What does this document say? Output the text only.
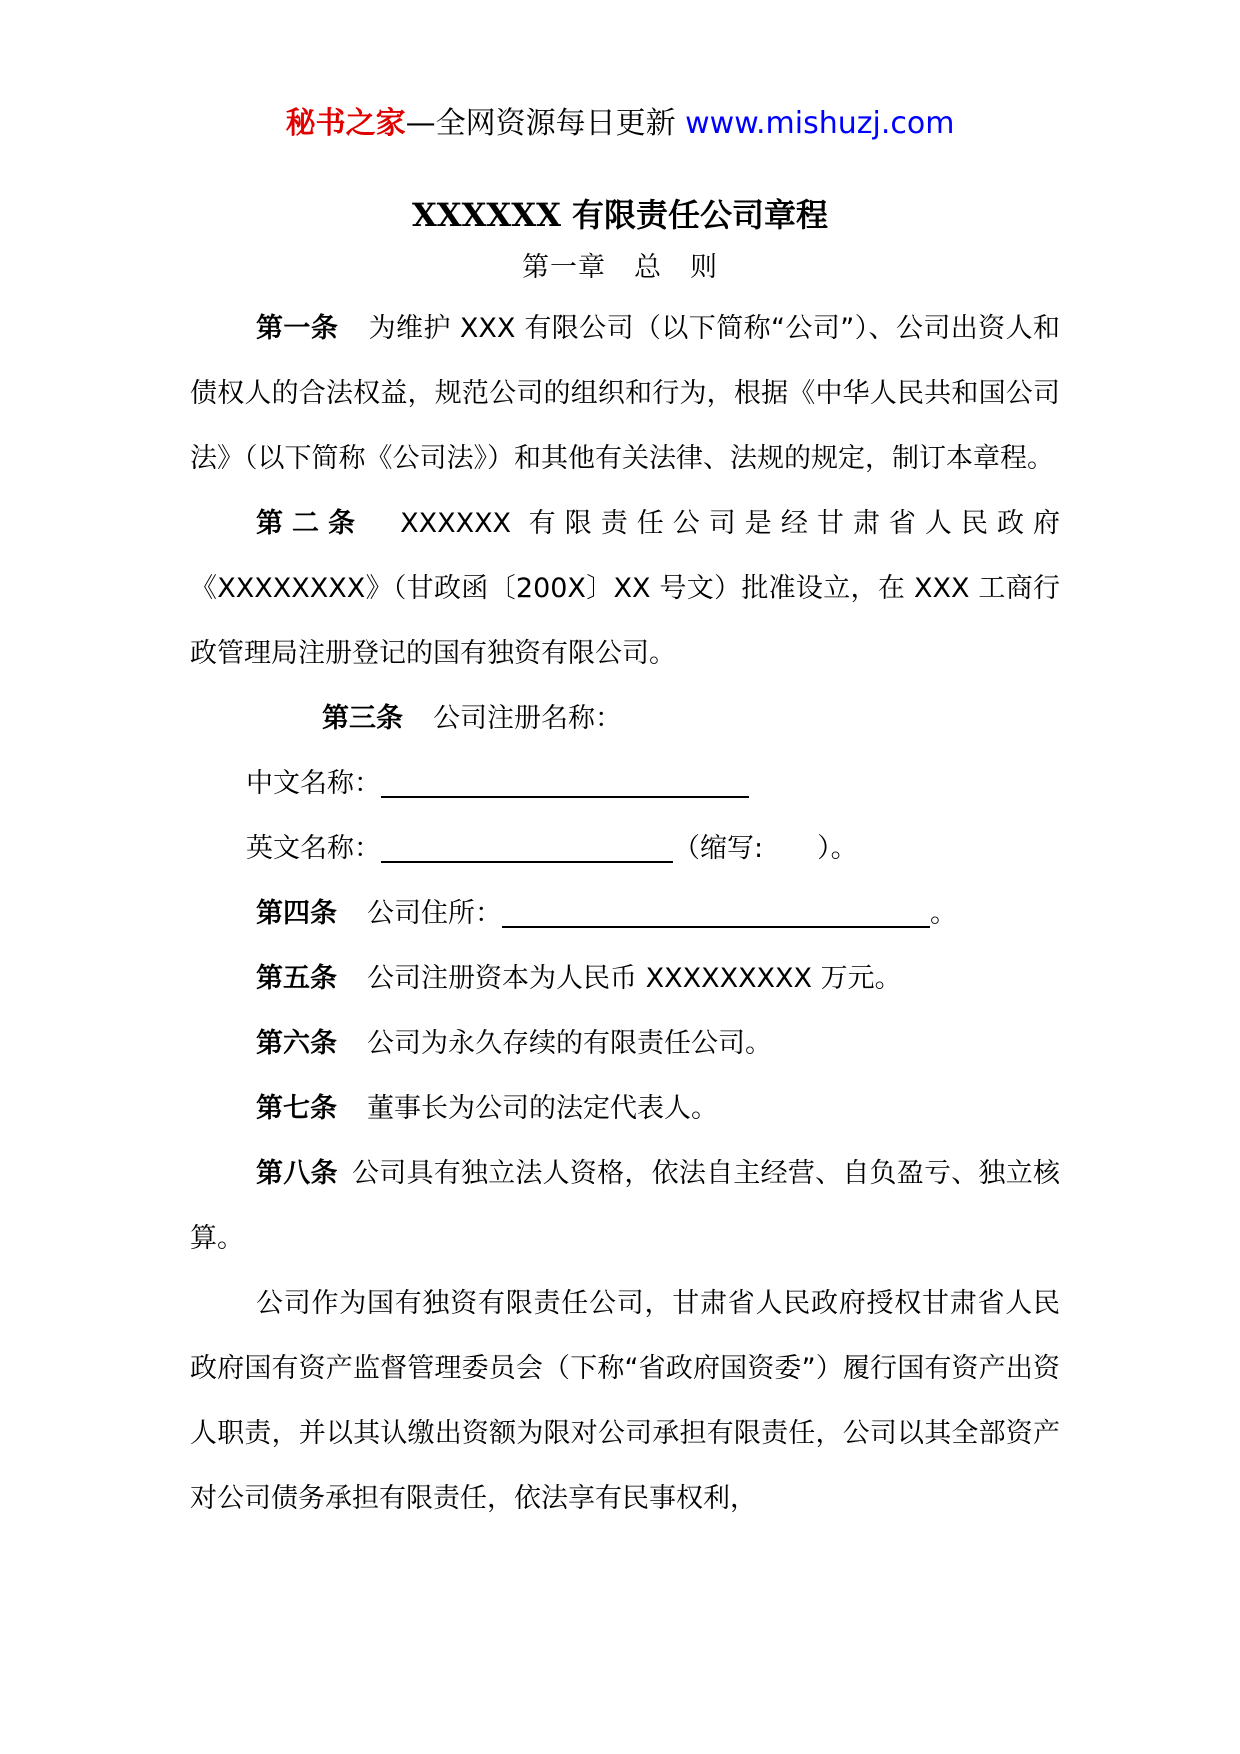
秘书之家—全网资源每日更新 www.mishuzj.com
XXXXXX 有限责任公司章程
第一章　总　则

第一条 为维护 XXX 有限公司（以下简称“公司”）、公司出资人和债权人的合法权益，规范公司的组织和行为，根据《中华人民共和国公司法》（以下简称《公司法》）和其他有关法律、法规的规定，制订本章程。

第二条 XXXXXX 有限责任公司是经甘肃省人民政府《XXXXXXXX》（甘政函〔200X〕XX 号文）批准设立，在 XXX 工商行政管理局注册登记的国有独资有限公司。

第三条 公司注册名称：

中文名称：

英文名称：	（缩写: ）。

第四条 公司住所：	。

第五条 公司注册资本为人民币 XXXXXXXXX 万元。

第六条 公司为永久存续的有限责任公司。

第七条 董事长为公司的法定代表人。

第八条 公司具有独立法人资格，依法自主经营、自负盈亏、独立核算。

公司作为国有独资有限责任公司，甘肃省人民政府授权甘肃省人民政府国有资产监督管理委员会（下称“省政府国资委”）履行国有资产出资人职责，并以其认缴出资额为限对公司承担有限责任，公司以其全部资产对公司债务承担有限责任，依法享有民事权利，
